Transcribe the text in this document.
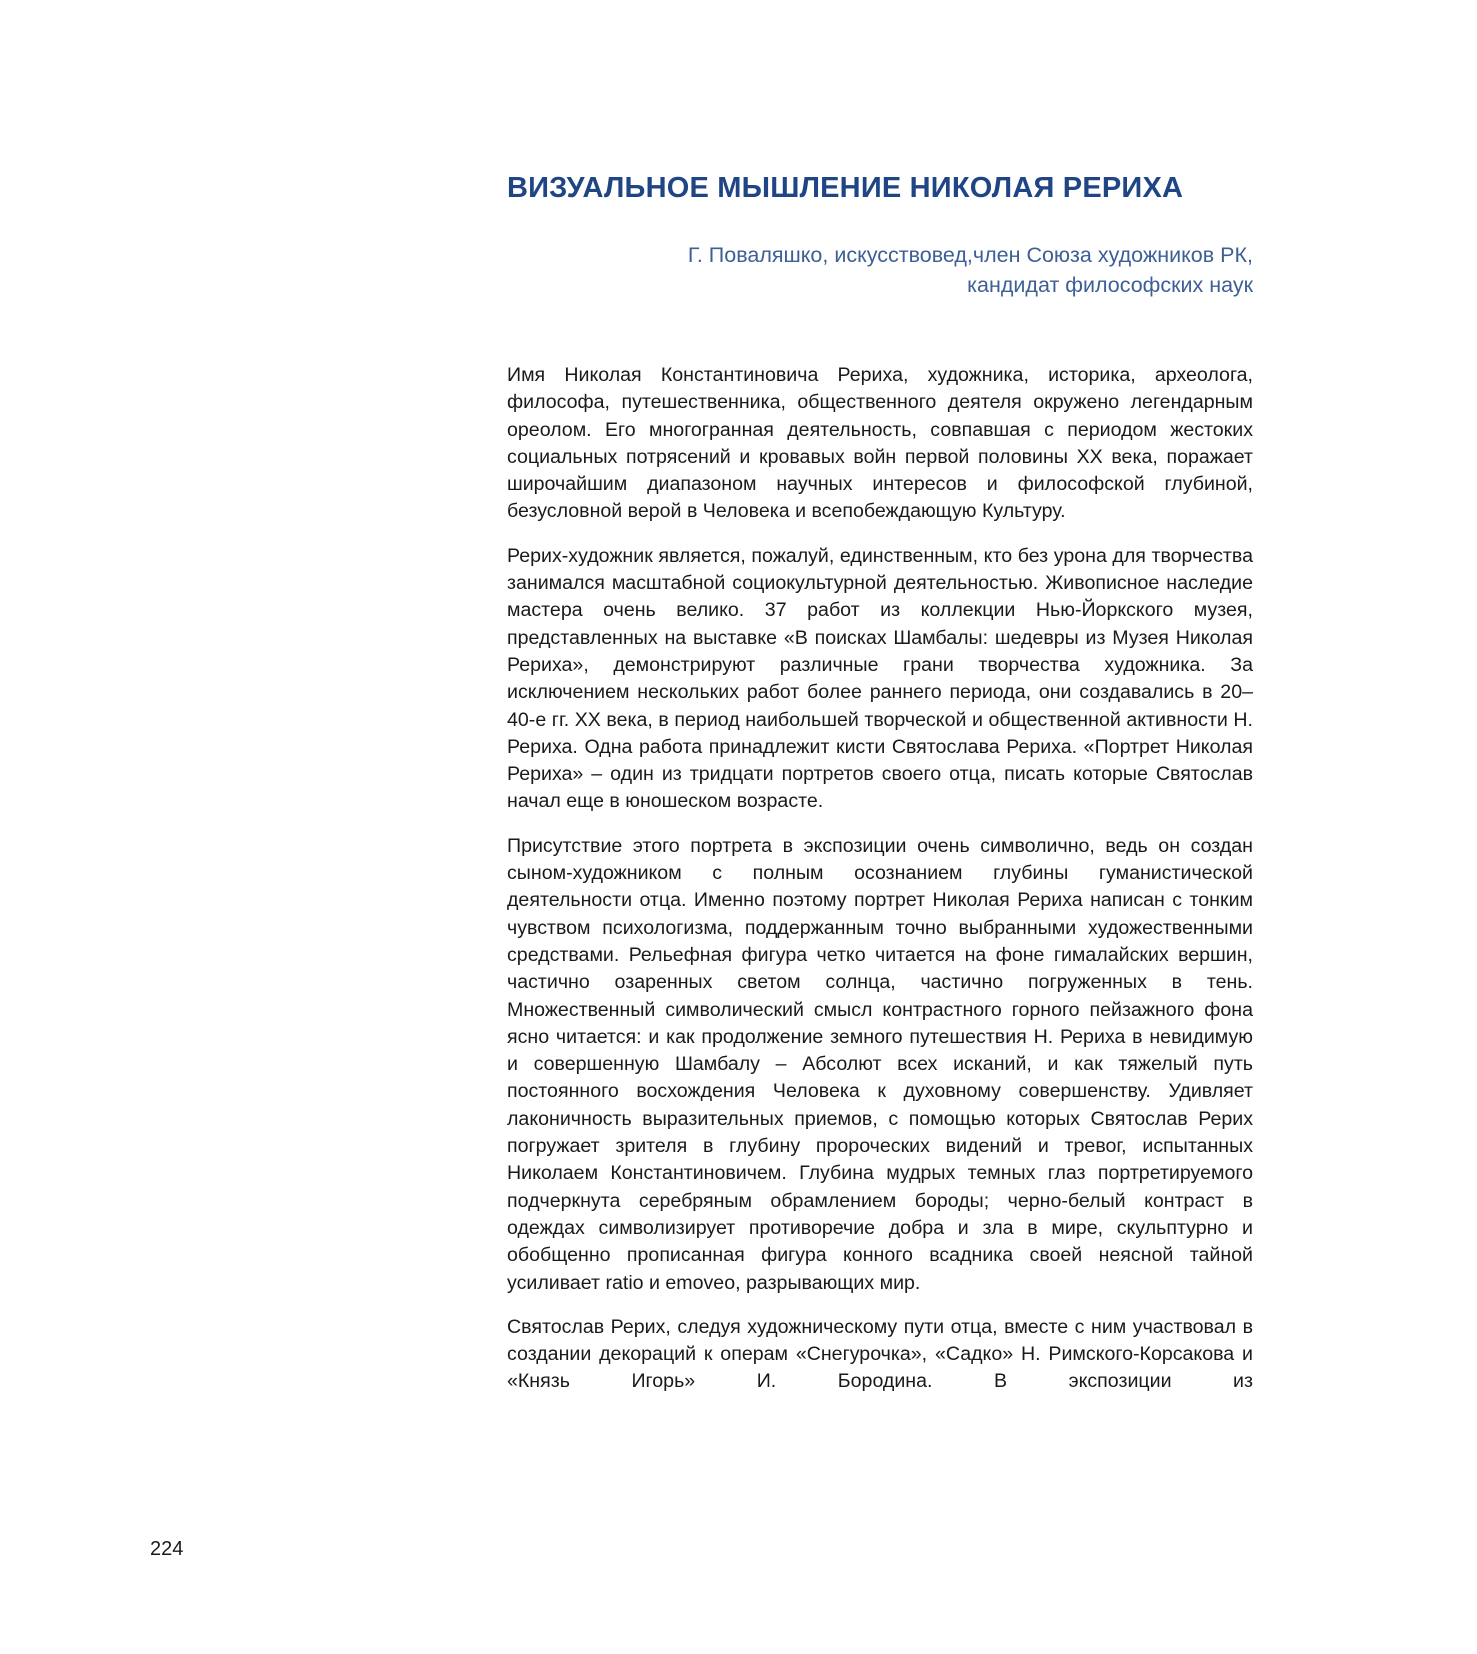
ВИЗУАЛЬНОЕ МЫШЛЕНИЕ НИКОЛАЯ РЕРИХА
Г. Поваляшко, искусствовед,член Союза художников РК,
кандидат философских наук

Имя Николая Константиновича Рериха, художника, историка, археолога, философа, путешественника, общественного деятеля окружено легендарным ореолом. Его многогранная деятельность, совпавшая с периодом жестоких социальных потрясений и кровавых войн первой половины XX века, поражает широчайшим диапазоном научных интересов и философской глубиной, безусловной верой в Человека и всепобеждающую Культуру.

Рерих-художник является, пожалуй, единственным, кто без урона для творчества занимался масштабной социокультурной деятельностью. Живописное наследие мастера очень велико. 37 работ из коллекции Нью-Йоркского музея, представленных на выставке «В поисках Шамбалы: шедевры из Музея Николая Рериха», демонстрируют различные грани творчества художника. За исключением нескольких работ более раннего периода, они создавались в 20–40-е гг. XX века, в период наибольшей творческой и общественной активности Н. Рериха. Одна работа принадлежит кисти Святослава Рериха. «Портрет Николая Рериха» – один из тридцати портретов своего отца, писать которые Святослав начал еще в юношеском возрасте.

Присутствие этого портрета в экспозиции очень символично, ведь он создан сыном-художником с полным осознанием глубины гуманистической деятельности отца. Именно поэтому портрет Николая Рериха написан с тонким чувством психологизма, поддержанным точно выбранными художественными средствами. Рельефная фигура четко читается на фоне гималайских вершин, частично озаренных светом солнца, частично погруженных в тень. Множественный символический смысл контрастного горного пейзажного фона ясно читается: и как продолжение земного путешествия Н. Рериха в невидимую и совершенную Шамбалу – Абсолют всех исканий, и как тяжелый путь постоянного восхождения Человека к духовному совершенству. Удивляет лаконичность выразительных приемов, с помощью которых Святослав Рерих погружает зрителя в глубину пророческих видений и тревог, испытанных Николаем Константиновичем. Глубина мудрых темных глаз портретируемого подчеркнута серебряным обрамлением бороды; черно-белый контраст в одеждах символизирует противоречие добра и зла в мире, скульптурно и обобщенно прописанная фигура конного всадника своей неясной тайной усиливает ratio и emoveo, разрывающих мир.

Святослав Рерих, следуя художническому пути отца, вместе с ним участвовал в создании декораций к операм «Снегурочка», «Садко» Н. Римского-Корсакова и «Князь Игорь» И. Бородина. В экспозиции из

224
